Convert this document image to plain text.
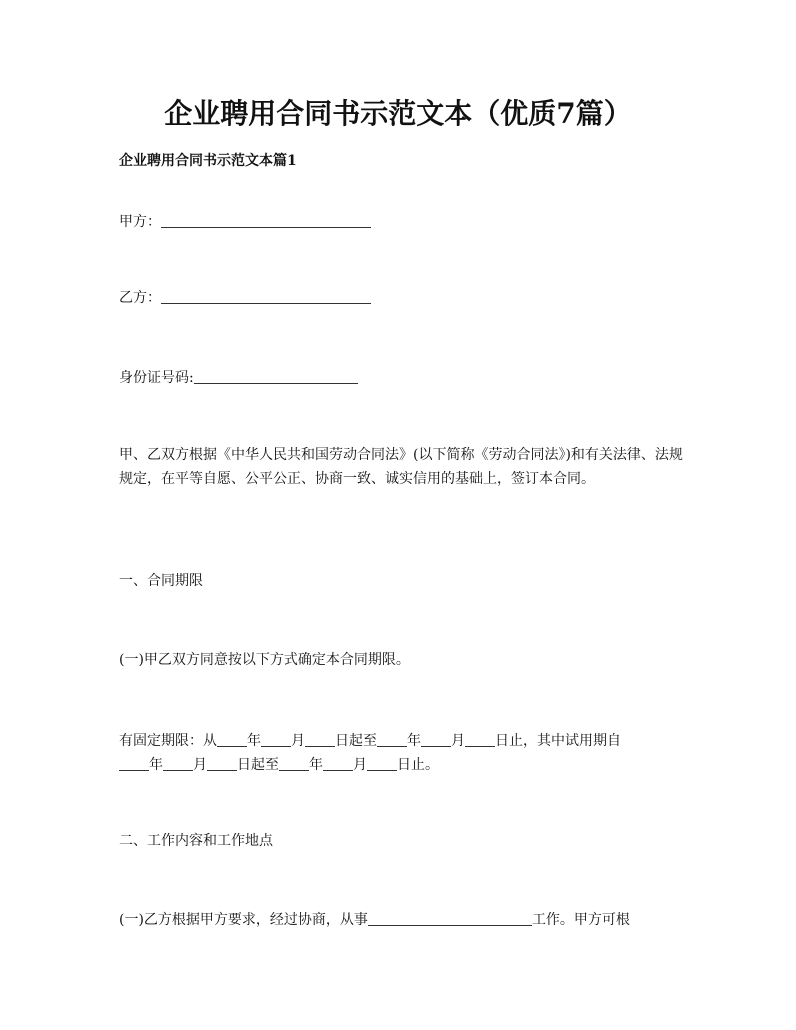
企业聘用合同书示范文本（优质7篇）
企业聘用合同书示范文本篇1
甲方：
乙方：
身份证号码:
甲、乙双方根据《中华人民共和国劳动合同法》(以下简称《劳动合同法》)和有关法律、法规规定，在平等自愿、公平公正、协商一致、诚实信用的基础上，签订本合同。
一、合同期限
(一)甲乙双方同意按以下方式确定本合同期限。
有固定期限：从 年 月 日起至 年 月 日止，其中试用期自
年 月 日起至 年 月 日止。
二、工作内容和工作地点
(一)乙方根据甲方要求，经过协商，从事	工作。甲方可根
